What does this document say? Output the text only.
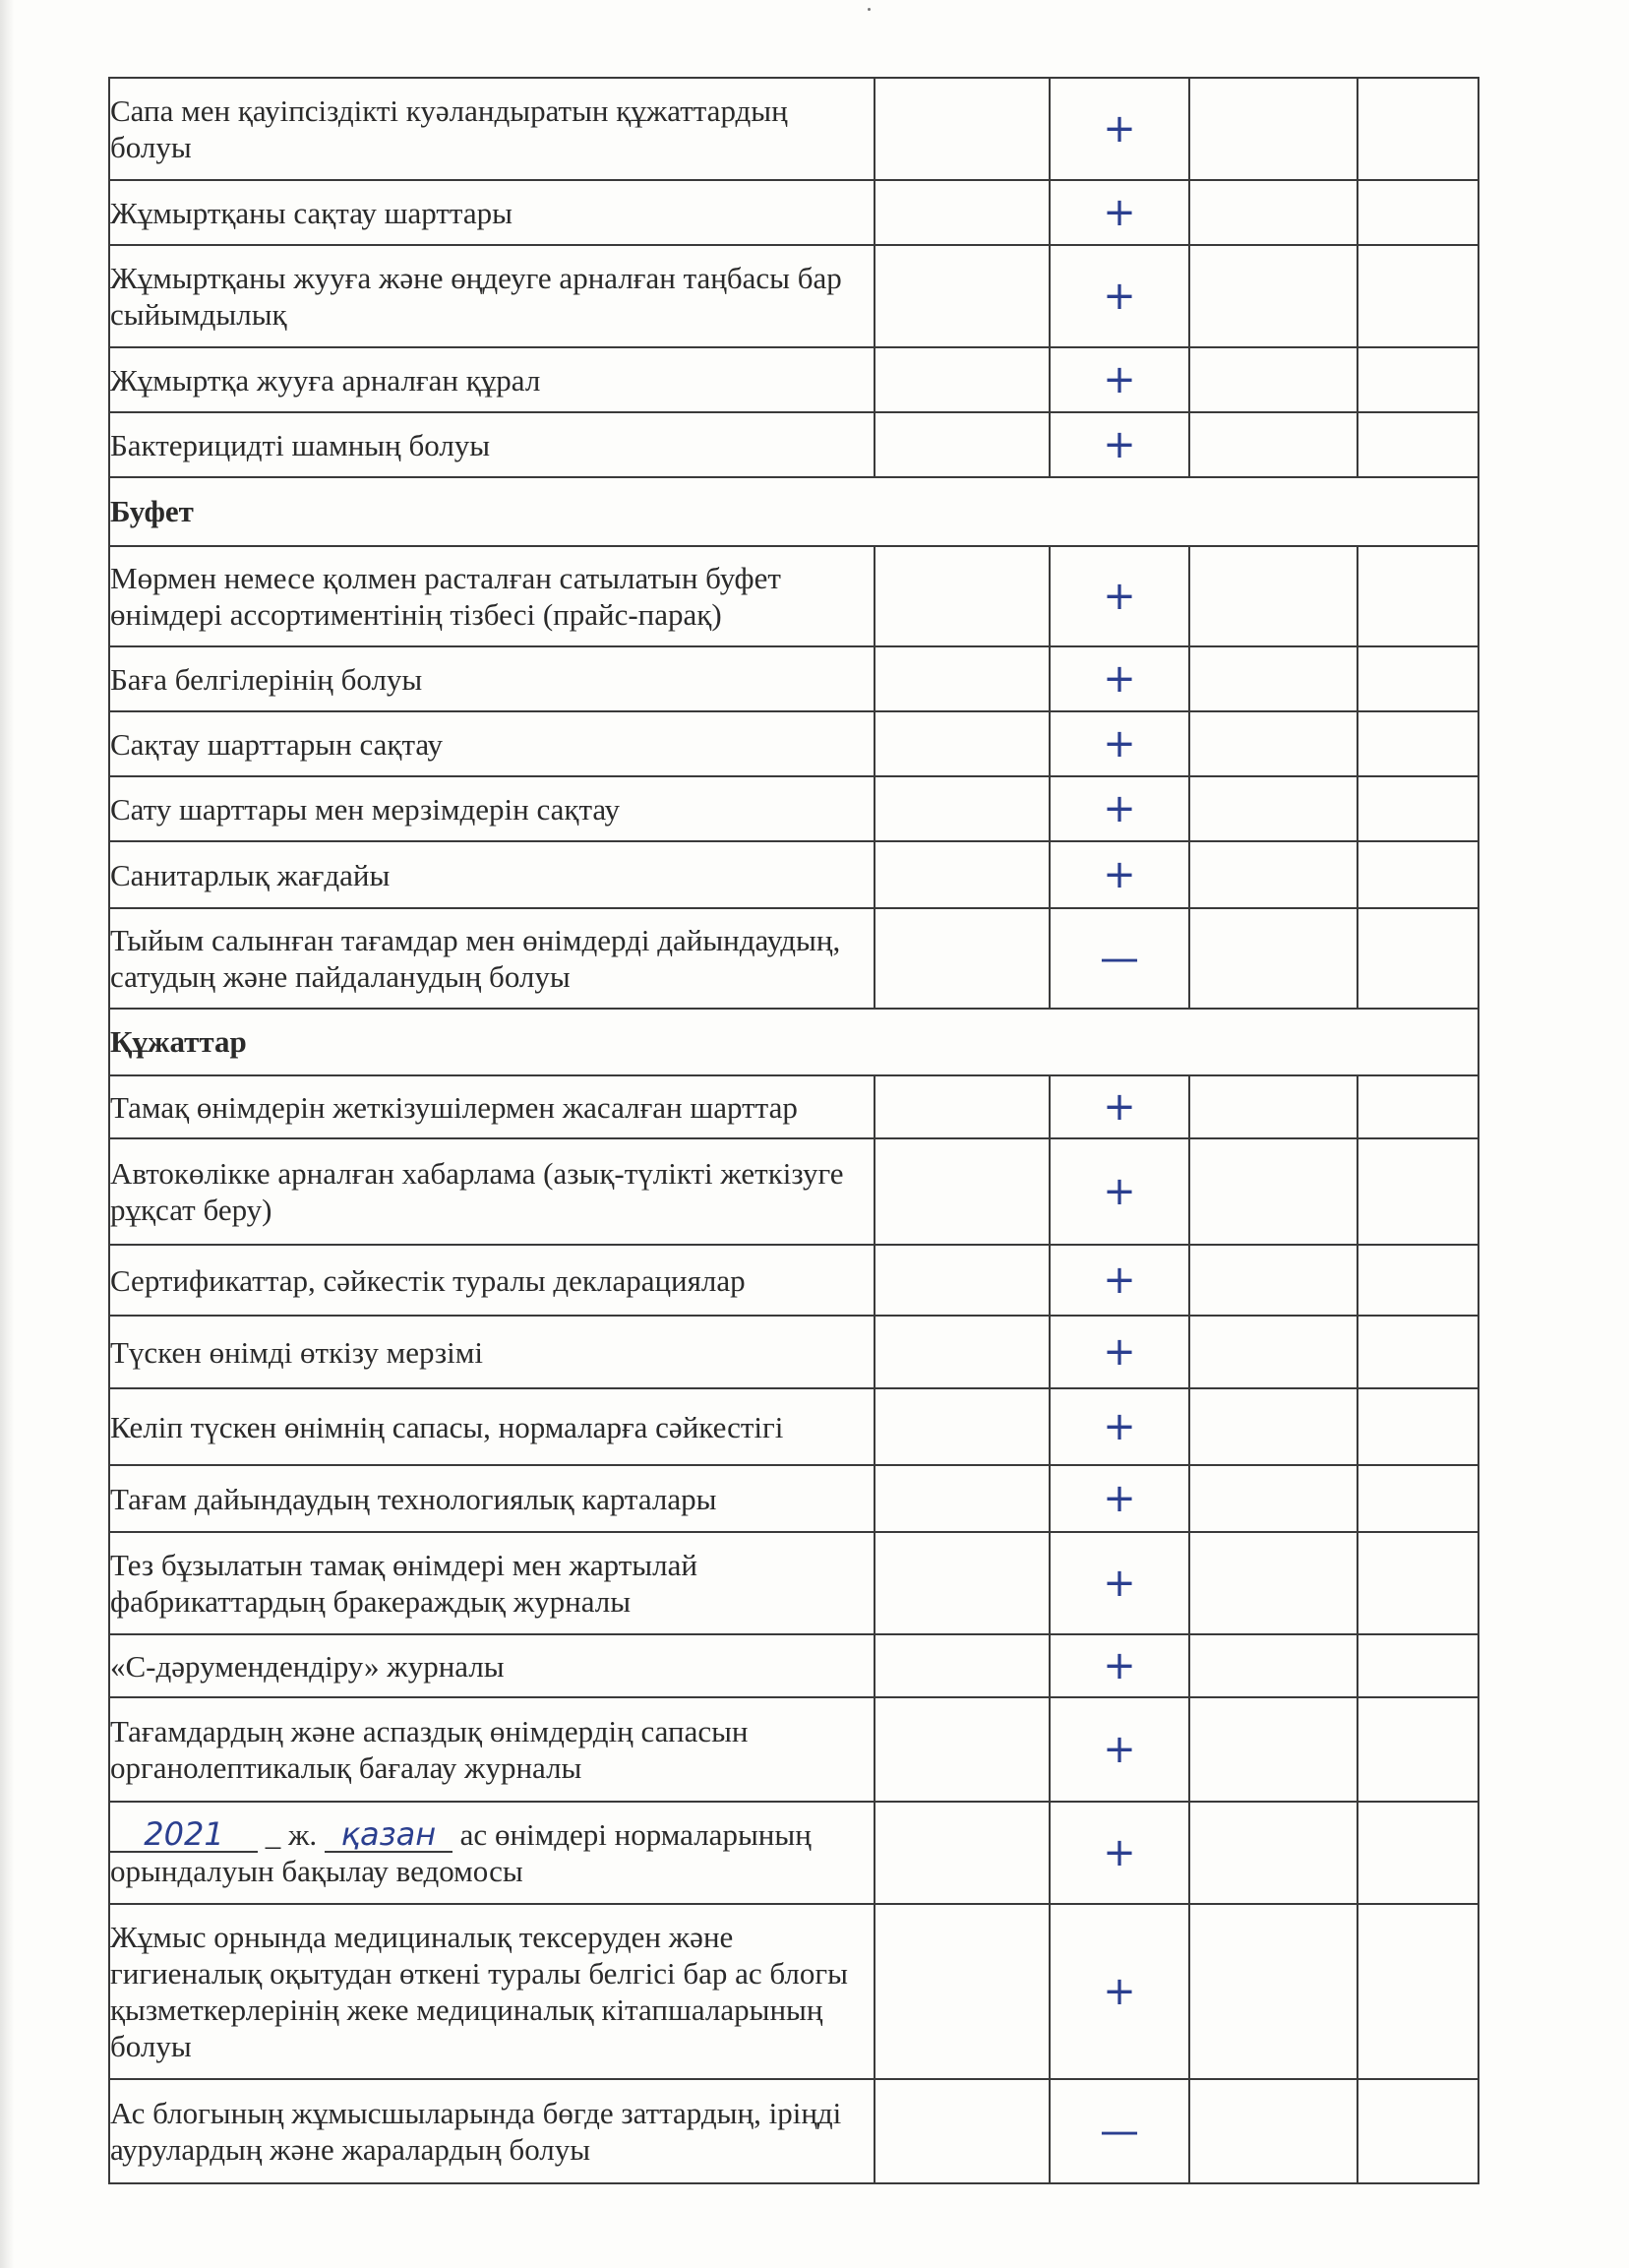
Сапа мен қауіпсіздікті куәландыратын құжаттардың болуы		+		
Жұмыртқаны сақтау шарттары		+		
Жұмыртқаны жууға және өңдеуге арналған таңбасы бар сыйымдылық		+		
Жұмыртқа жууға арналған құрал		+		
Бактерицидті шамның болуы		+		
Буфет				
Мөрмен немесе қолмен расталған сатылатын буфет өнімдері ассортиментінің тізбесі (прайс-парақ)		+		
Баға белгілерінің болуы		+		
Сақтау шарттарын сақтау		+		
Сату шарттары мен мерзімдерін сақтау		+		
Санитарлық жағдайы		+		
Тыйым салынған тағамдар мен өнімдерді дайындаудың, сатудың және пайдаланудың болуы		—		
Құжаттар				
Тамақ өнімдерін жеткізушілермен жасалған шарттар		+		
Автокөлікке арналған хабарлама (азық-түлікті жеткізуге рұқсат беру)		+		
Сертификаттар, сәйкестік туралы декларациялар		+		
Түскен өнімді өткізу мерзімі		+		
Келіп түскен өнімнің сапасы, нормаларға сәйкестігі		+		
Тағам дайындаудың технологиялық карталары		+		
Тез бұзылатын тамақ өнімдері мен жартылай фабрикаттардың бракераждық журналы		+		
«С-дәрумендендіру» журналы		+		
Тағамдардың және аспаздық өнімдердің сапасын органолептикалық бағалау журналы		+		
2021 _ ж. қазан ас өнімдері нормаларының орындалуын бақылау ведомосы		+		
Жұмыс орнында медициналық тексеруден және гигиеналық оқытудан өткені туралы белгісі бар ас блогы қызметкерлерінің жеке медициналық кітапшаларының болуы		+		
Ас блогының жұмысшыларында бөгде заттардың, іріңді аурулардың және жаралардың болуы		—		
